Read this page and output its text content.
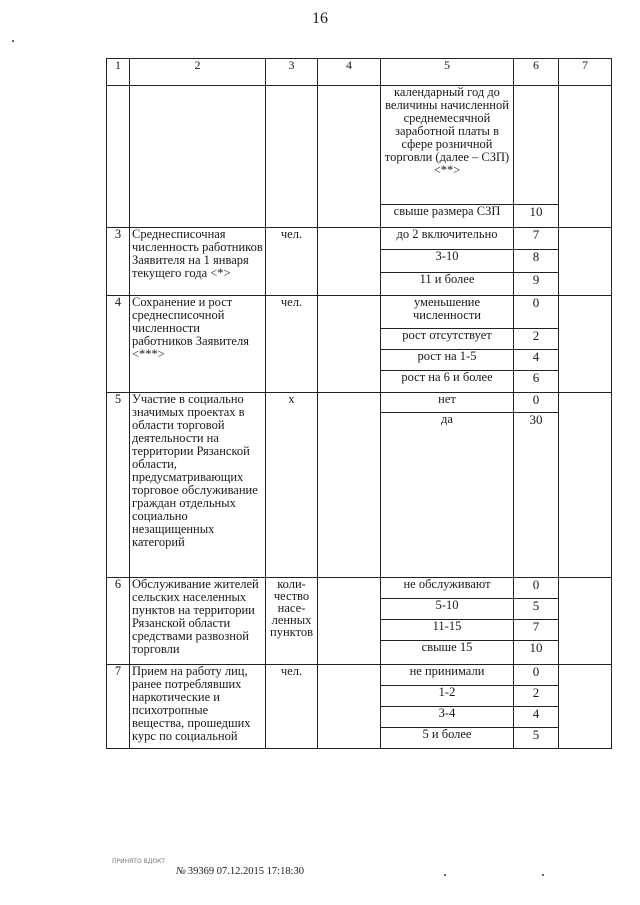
16
1	2	3	4	5	6	7
				календарный год до величины начисленной среднемесячной заработной платы в сфере розничной торговли (далее – СЗП) <**>		
				свыше размера СЗП	10	
3	Среднесписочная численность работников Заявителя на 1 января текущего года <*>	чел.		до 2 включительно	7	
				3-10	8	
				11 и более	9	
4	Сохранение и рост среднесписочной численности работников Заявителя <***>	чел.		уменьшение численности	0	
				рост отсутствует	2	
				рост на 1-5	4	
				рост на 6 и более	6	
5	Участие в социально значимых проектах в области торговой деятельности на территории Рязанской области, предусматривающих торговое обслуживание граждан отдельных социально незащищенных категорий	х		нет	0	
				да	30	
6	Обслуживание жителей сельских населенных пунктов на территории Рязанской области средствами развозной торговли	коли-чество насе-ленных пунктов		не обслуживают	0	
				5-10	5	
				11-15	7	
				свыше 15	10	
7	Прием на работу лиц, ранее потреблявших наркотические и психотропные вещества, прошедших курс по социальной	чел.		не принимали	0	
				1-2	2	
				3-4	4	
				5 и более	5	
ПРИНЯТО ВДОКТ
№ 39369 07.12.2015 17:18:30
